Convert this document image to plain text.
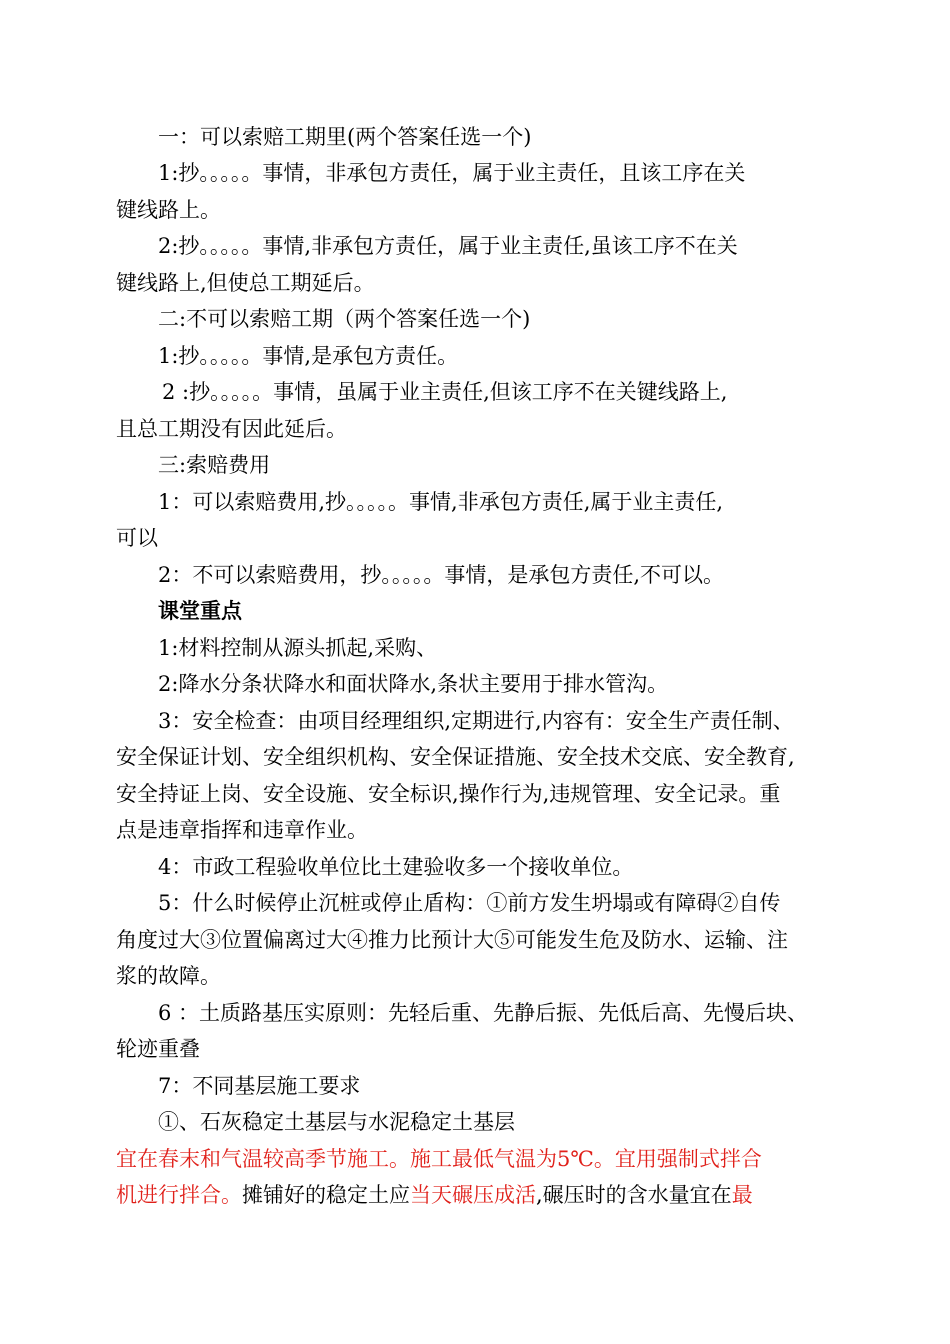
一：可以索赔工期里(两个答案任选一个)
1:抄。。。。。事情，非承包方责任，属于业主责任，且该工序在关
键线路上。
2:抄。。。。。事情,非承包方责任，属于业主责任,虽该工序不在关
键线路上,但使总工期延后。
二:不可以索赔工期（两个答案任选一个)
1:抄。。。。。事情,是承包方责任。
2 :抄。。。。。事情，虽属于业主责任,但该工序不在关键线路上,
且总工期没有因此延后。
三:索赔费用
1：可以索赔费用,抄。。。。。事情,非承包方责任,属于业主责任,
可以
2：不可以索赔费用，抄。。。。。事情，是承包方责任,不可以。
课堂重点
1:材料控制从源头抓起,采购、
2:降水分条状降水和面状降水,条状主要用于排水管沟。
3：安全检查：由项目经理组织,定期进行,内容有：安全生产责任制、
安全保证计划、安全组织机构、安全保证措施、安全技术交底、安全教育,
安全持证上岗、安全设施、安全标识,操作行为,违规管理、安全记录。重
点是违章指挥和违章作业。
4：市政工程验收单位比土建验收多一个接收单位。
5：什么时候停止沉桩或停止盾构：①前方发生坍塌或有障碍②自传
角度过大③位置偏离过大④推力比预计大⑤可能发生危及防水、运输、注
浆的故障。
6 ：土质路基压实原则：先轻后重、先静后振、先低后高、先慢后块、
轮迹重叠
7：不同基层施工要求
①、石灰稳定土基层与水泥稳定土基层
宜在春末和气温较高季节施工。施工最低气温为5℃。宜用强制式拌合
机进行拌合。摊铺好的稳定土应当天碾压成活,碾压时的含水量宜在最
